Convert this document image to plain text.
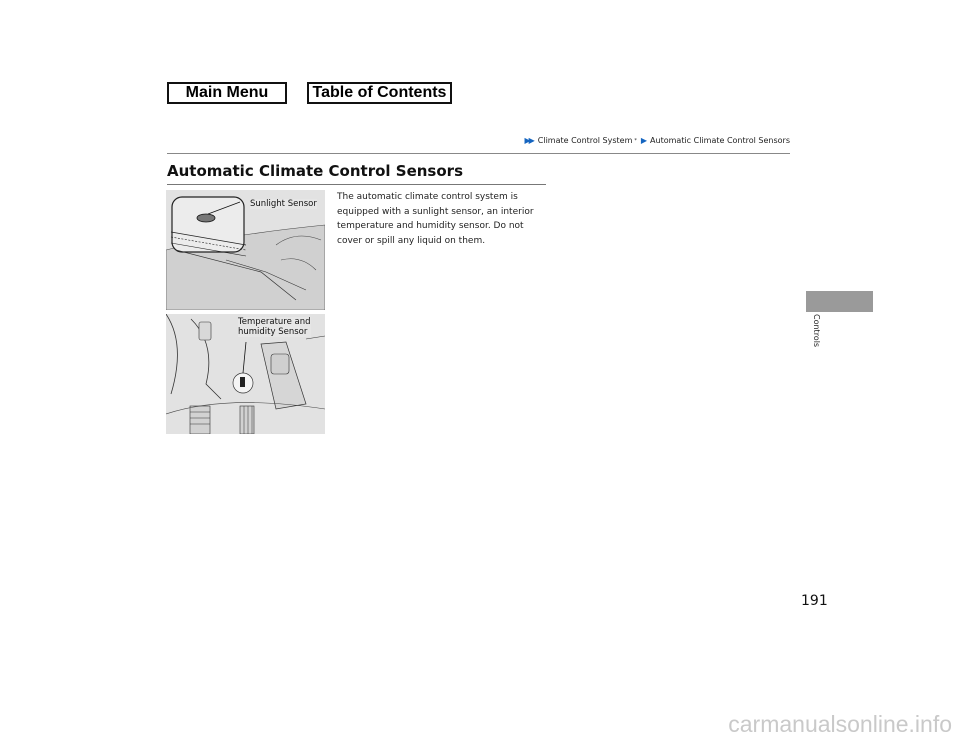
Main Menu	Table of Contents
▶▶ Climate Control System * ▶ Automatic Climate Control Sensors
Automatic Climate Control Sensors
Sunlight Sensor
Temperature and
humidity Sensor
The automatic climate control system is equipped with a sunlight sensor, an interior temperature and humidity sensor. Do not cover or spill any liquid on them.
Controls
191
carmanualsonline.info
